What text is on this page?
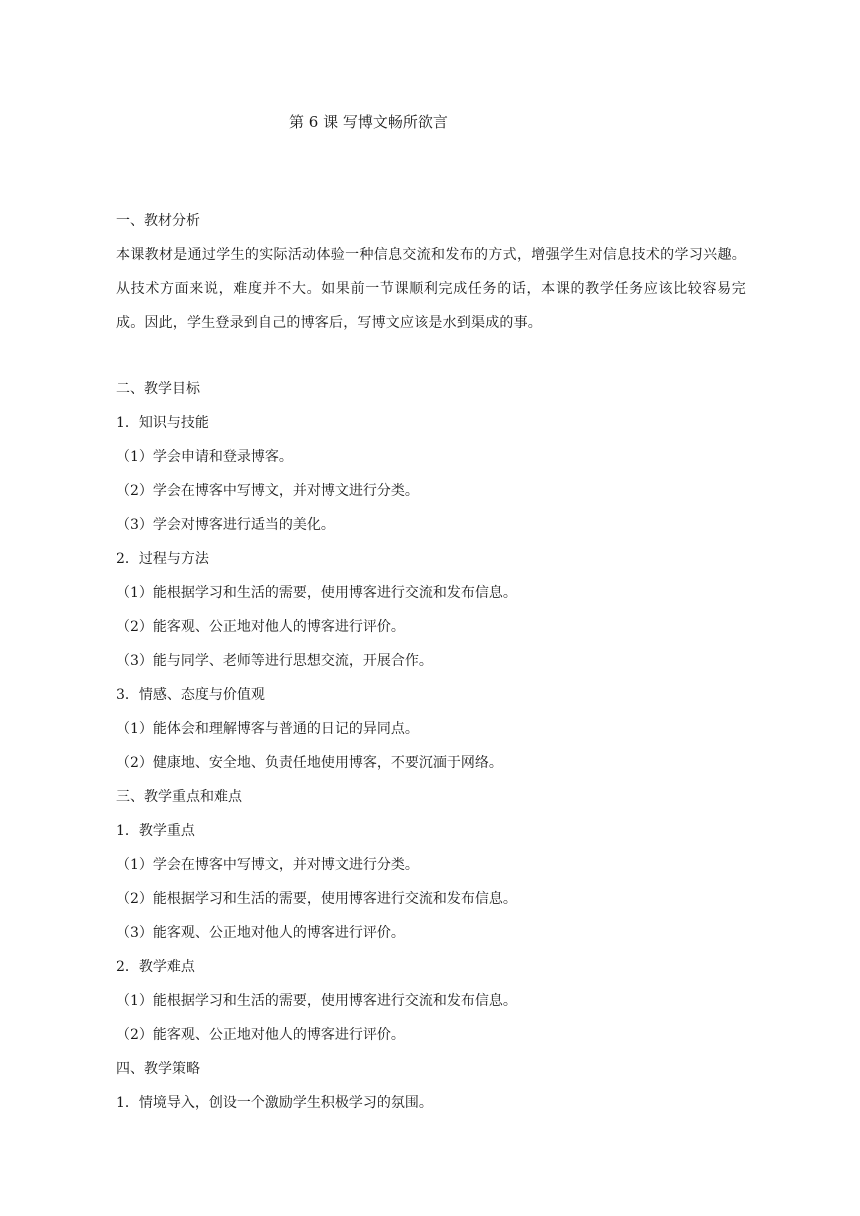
第 6 课 写博文畅所欲言
一、教材分析

本课教材是通过学生的实际活动体验一种信息交流和发布的方式，增强学生对信息技术的学习兴趣。从技术方面来说，难度并不大。如果前一节课顺利完成任务的话，本课的教学任务应该比较容易完成。因此，学生登录到自己的博客后，写博文应该是水到渠成的事。

二、教学目标
1．知识与技能
（1）学会申请和登录博客。
（2）学会在博客中写博文，并对博文进行分类。
（3）学会对博客进行适当的美化。
2．过程与方法
（1）能根据学习和生活的需要，使用博客进行交流和发布信息。
（2）能客观、公正地对他人的博客进行评价。
（3）能与同学、老师等进行思想交流，开展合作。
3．情感、态度与价值观
（1）能体会和理解博客与普通的日记的异同点。
（2）健康地、安全地、负责任地使用博客，不要沉湎于网络。
三、教学重点和难点
1．教学重点
（1）学会在博客中写博文，并对博文进行分类。
（2）能根据学习和生活的需要，使用博客进行交流和发布信息。
（3）能客观、公正地对他人的博客进行评价。
2．教学难点
（1）能根据学习和生活的需要，使用博客进行交流和发布信息。
（2）能客观、公正地对他人的博客进行评价。
四、教学策略
1．情境导入，创设一个激励学生积极学习的氛围。
